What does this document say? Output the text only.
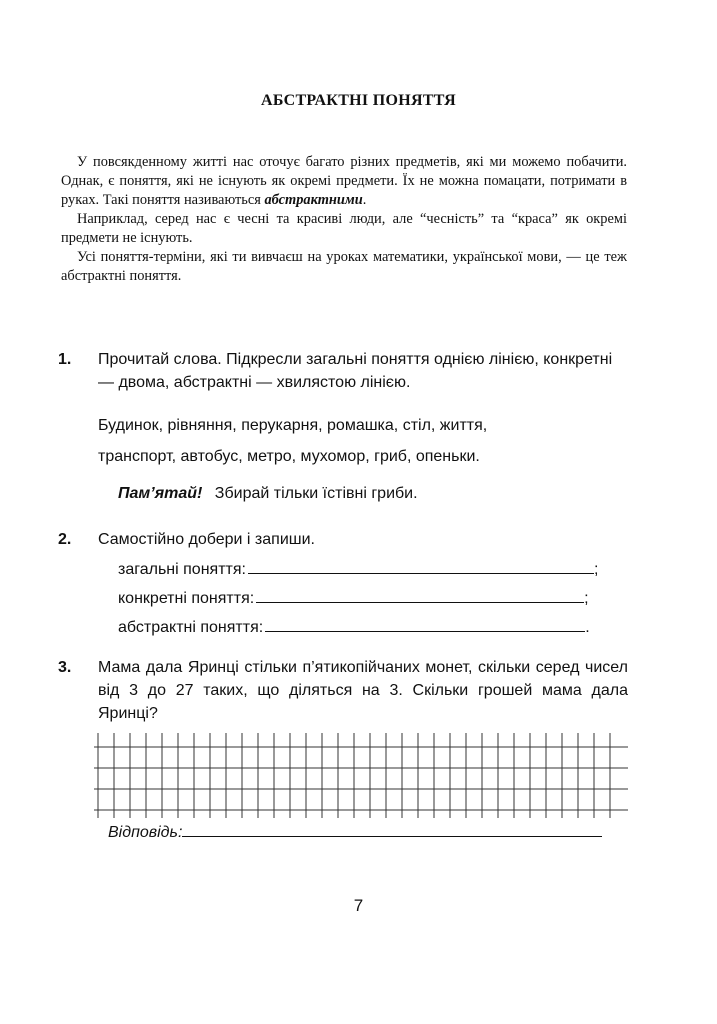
АБСТРАКТНІ ПОНЯТТЯ

У повсякденному житті нас оточує багато різних предметів, які ми можемо побачити. Однак, є поняття, які не існують як окремі предмети. Їх не можна помацати, потримати в руках. Такі поняття називаються абстрактними.

Наприклад, серед нас є чесні та красиві люди, але “чесність” та “краса” як окремі предмети не існують.

Усі поняття-терміни, які ти вивчаєш на уроках математики, української мови, — це теж абстрактні поняття.

1. Прочитай слова. Підкресли загальні поняття однією лінією, конкретні — двома, абстрактні — хвилястою лінією.
Будинок, рівняння, перукарня, ромашка, стіл, життя,
транспорт, автобус, метро, мухомор, гриб, опеньки.
Пам’ятай! Збирай тільки їстівні гриби.
2. Самостійно добери і запиши.
загальні поняття:	;
конкретні поняття:	;
абстрактні поняття:	.
3. Мама дала Яринці стільки п’ятикопійчаних монет, скільки серед чисел від 3 до 27 таких, що діляться на 3. Скільки грошей мама дала Яринці?
Відповідь:
7
